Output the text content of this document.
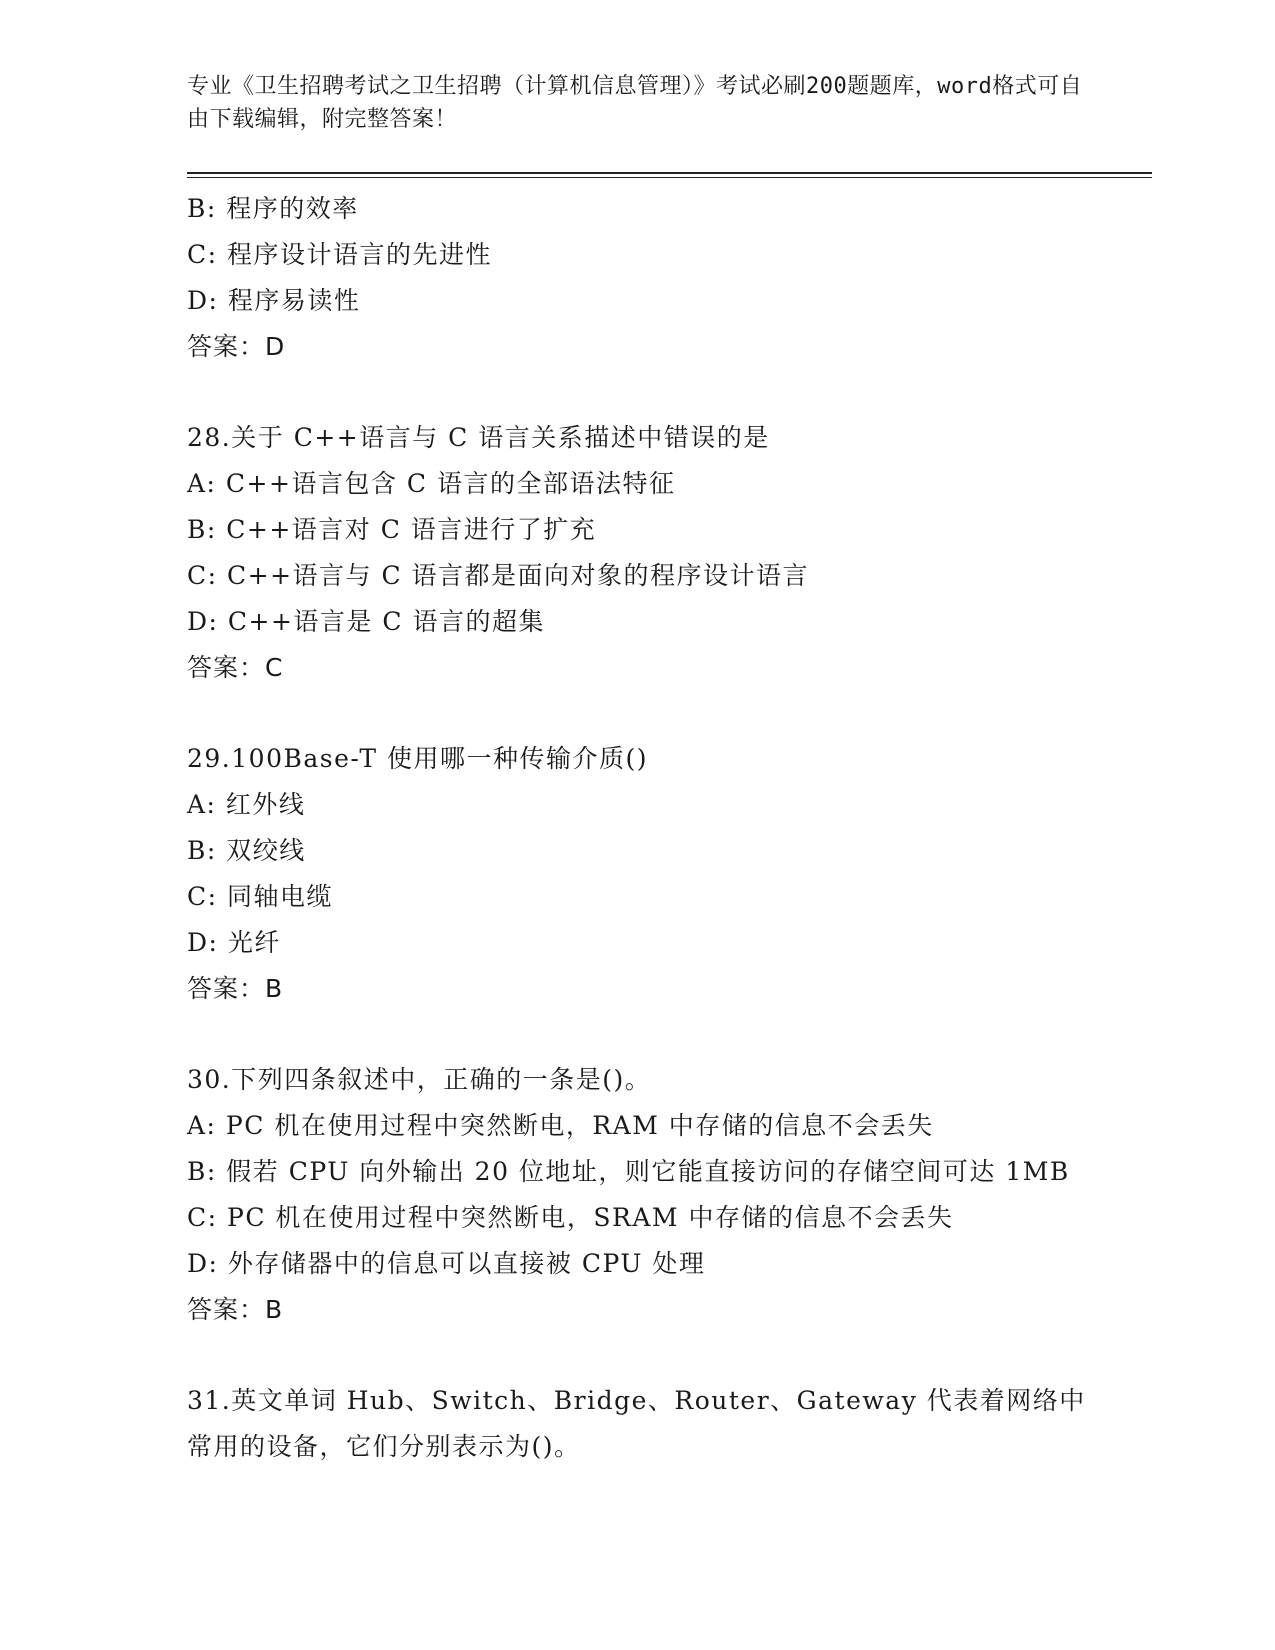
专业《卫生招聘考试之卫生招聘（计算机信息管理）》考试必刷200题题库，word格式可自由下载编辑，附完整答案！
B: 程序的效率
C: 程序设计语言的先进性
D: 程序易读性
答案：D
28.关于 C++语言与 C 语言关系描述中错误的是
A: C++语言包含 C 语言的全部语法特征
B: C++语言对 C 语言进行了扩充
C: C++语言与 C 语言都是面向对象的程序设计语言
D: C++语言是 C 语言的超集
答案：C
29.100Base-T 使用哪一种传输介质()
A: 红外线
B: 双绞线
C: 同轴电缆
D: 光纤
答案：B
30.下列四条叙述中，正确的一条是()。
A: PC 机在使用过程中突然断电，RAM 中存储的信息不会丢失
B: 假若 CPU 向外输出 20 位地址，则它能直接访问的存储空间可达 1MB
C: PC 机在使用过程中突然断电，SRAM 中存储的信息不会丢失
D: 外存储器中的信息可以直接被 CPU 处理
答案：B
31.英文单词 Hub、Switch、Bridge、Router、Gateway 代表着网络中
常用的设备，它们分别表示为()。
